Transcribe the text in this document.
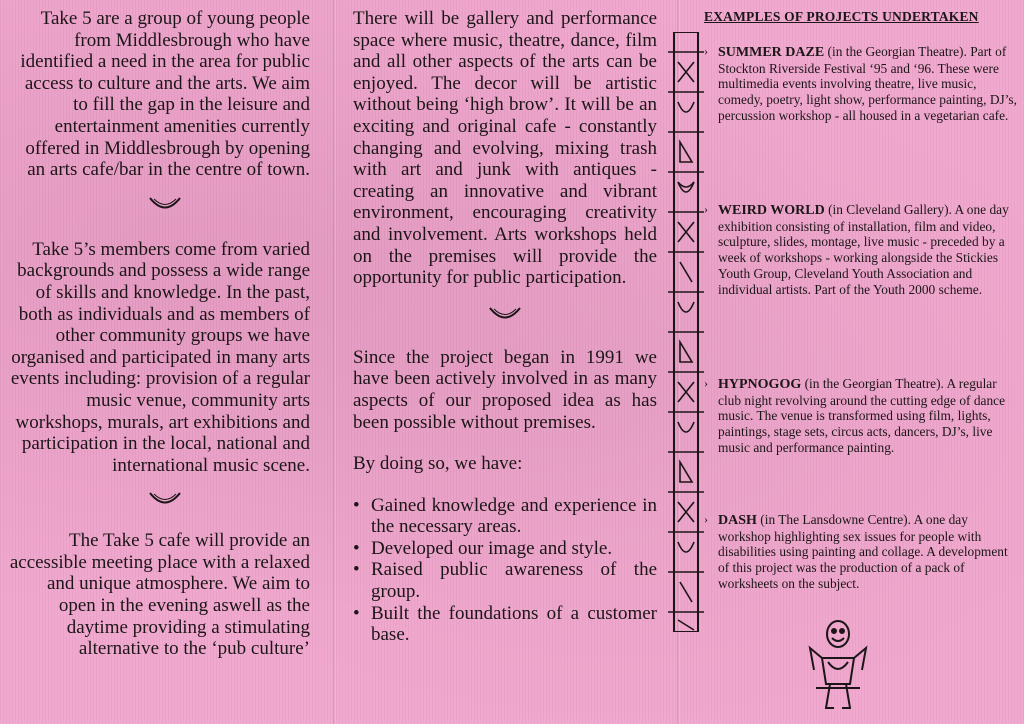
Take 5 are a group of young people from Middlesbrough who have identified a need in the area for public access to culture and the arts. We aim to fill the gap in the leisure and entertainment amenities currently offered in Middlesbrough by opening an arts cafe/bar in the centre of town.

Take 5’s members come from varied backgrounds and possess a wide range of skills and knowledge. In the past, both as individuals and as members of other community groups we have organised and participated in many arts events including: provision of a regular music venue, community arts workshops, murals, art exhibitions and participation in the local, national and international music scene.

The Take 5 cafe will provide an accessible meeting place with a relaxed and unique atmosphere. We aim to open in the evening aswell as the daytime providing a stimulating alternative to the ‘pub culture’

There will be gallery and performance space where music, theatre, dance, film and all other aspects of the arts can be enjoyed. The decor will be artistic without being ‘high brow’. It will be an exciting and original cafe - constantly changing and evolving, mixing trash with art and junk with antiques - creating an innovative and vibrant environment, encouraging creativity and involvement. Arts workshops held on the premises will provide the opportunity for public participation.

Since the project began in 1991 we have been actively involved in as many aspects of our proposed idea as has been possible without premises.

By doing so, we have:

• Gained knowledge and experience in the necessary areas.
• Developed our image and style.
• Raised public awareness of the group.
• Built the foundations of a customer base.
EXAMPLES OF PROJECTS UNDERTAKEN
› SUMMER DAZE (in the Georgian Theatre). Part of Stockton Riverside Festival ‘95 and ‘96. These were multimedia events involving theatre, live music, comedy, poetry, light show, performance painting, DJ’s, percussion workshop - all housed in a vegetarian cafe.
› WEIRD WORLD (in Cleveland Gallery). A one day exhibition consisting of installation, film and video, sculpture, slides, montage, live music - preceded by a week of workshops - working alongside the Stickies Youth Group, Cleveland Youth Association and individual artists. Part of the Youth 2000 scheme.
› HYPNOGOG (in the Georgian Theatre). A regular club night revolving around the cutting edge of dance music. The venue is transformed using film, lights, paintings, stage sets, circus acts, dancers, DJ’s, live music and performance painting.
› DASH (in The Lansdowne Centre). A one day workshop highlighting sex issues for people with disabilities using painting and collage. A development of this project was the production of a pack of worksheets on the subject.
